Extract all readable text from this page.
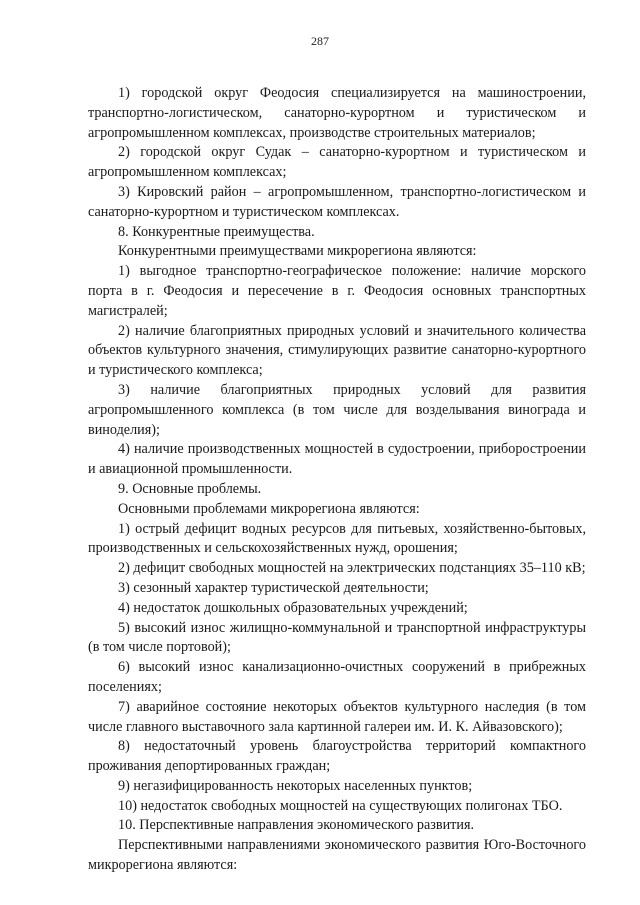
287

1) городской округ Феодосия специализируется на машиностроении, транспортно-логистическом, санаторно-курортном и туристическом и агропромышленном комплексах, производстве строительных материалов;

2) городской округ Судак – санаторно-курортном и туристическом и агропромышленном комплексах;

3) Кировский район – агропромышленном, транспортно-логистическом и санаторно-курортном и туристическом комплексах.

8. Конкурентные преимущества.

Конкурентными преимуществами микрорегиона являются:

1) выгодное транспортно-географическое положение: наличие морского порта в г. Феодосия и пересечение в г. Феодосия основных транспортных магистралей;

2) наличие благоприятных природных условий и значительного количества объектов культурного значения, стимулирующих развитие санаторно-курортного и туристического комплекса;

3) наличие благоприятных природных условий для развития агропромышленного комплекса (в том числе для возделывания винограда и виноделия);

4) наличие производственных мощностей в судостроении, приборостроении и авиационной промышленности.

9. Основные проблемы.

Основными проблемами микрорегиона являются:

1) острый дефицит водных ресурсов для питьевых, хозяйственно-бытовых, производственных и сельскохозяйственных нужд, орошения;

2) дефицит свободных мощностей на электрических подстанциях 35–110 кВ;

3) сезонный характер туристической деятельности;

4) недостаток дошкольных образовательных учреждений;

5) высокий износ жилищно-коммунальной и транспортной инфраструктуры (в том числе портовой);

6) высокий износ канализационно-очистных сооружений в прибрежных поселениях;

7) аварийное состояние некоторых объектов культурного наследия (в том числе главного выставочного зала картинной галереи им. И. К. Айвазовского);

8) недостаточный уровень благоустройства территорий компактного проживания депортированных граждан;

9) негазифицированность некоторых населенных пунктов;

10) недостаток свободных мощностей на существующих полигонах ТБО.

10. Перспективные направления экономического развития.

Перспективными направлениями экономического развития Юго-Восточного микрорегиона являются:
